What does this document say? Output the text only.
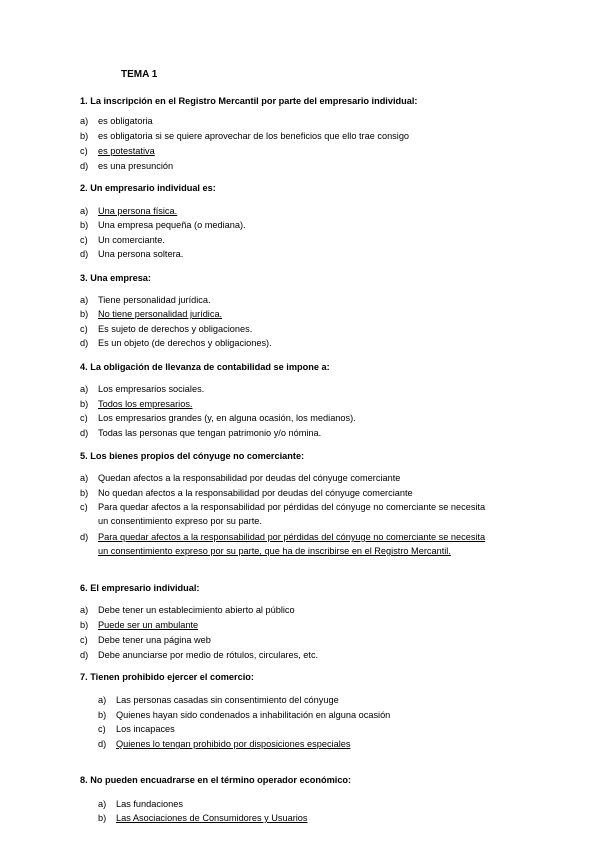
TEMA 1
1. La inscripción en el Registro Mercantil por parte del empresario individual:
a) es obligatoria
b) es obligatoria si se quiere aprovechar de los beneficios que ello trae consigo
c) es potestativa
d) es una presunción
2. Un empresario individual es:
a) Una persona física.
b) Una empresa pequeña (o mediana).
c) Un comerciante.
d) Una persona soltera.
3. Una empresa:
a) Tiene personalidad jurídica.
b) No tiene personalidad jurídica.
c) Es sujeto de derechos y obligaciones.
d) Es un objeto (de derechos y obligaciones).
4. La obligación de llevanza de contabilidad se impone a:
a) Los empresarios sociales.
b) Todos los empresarios.
c) Los empresarios grandes (y, en alguna ocasión, los medianos).
d) Todas las personas que tengan patrimonio y/o nómina.
5. Los bienes propios del cónyuge no comerciante:
a) Quedan afectos a la responsabilidad por deudas del cónyuge comerciante
b) No quedan afectos a la responsabilidad por deudas del cónyuge comerciante
c) Para quedar afectos a la responsabilidad por pérdidas del cónyuge no comerciante se necesita un consentimiento expreso por su parte.
d) Para quedar afectos a la responsabilidad por pérdidas del cónyuge no comerciante se necesita un consentimiento expreso por su parte, que ha de inscribirse en el Registro Mercantil.
6. El empresario individual:
a) Debe tener un establecimiento abierto al público
b) Puede ser un ambulante
c) Debe tener una página web
d) Debe anunciarse por medio de rótulos, circulares, etc.
7. Tienen prohibido ejercer el comercio:
a) Las personas casadas sin consentimiento del cónyuge
b) Quienes hayan sido condenados a inhabilitación en alguna ocasión
c) Los incapaces
d) Quienes lo tengan prohibido por disposiciones especiales
8. No pueden encuadrarse en el término operador económico:
a) Las fundaciones
b) Las Asociaciones de Consumidores y Usuarios
